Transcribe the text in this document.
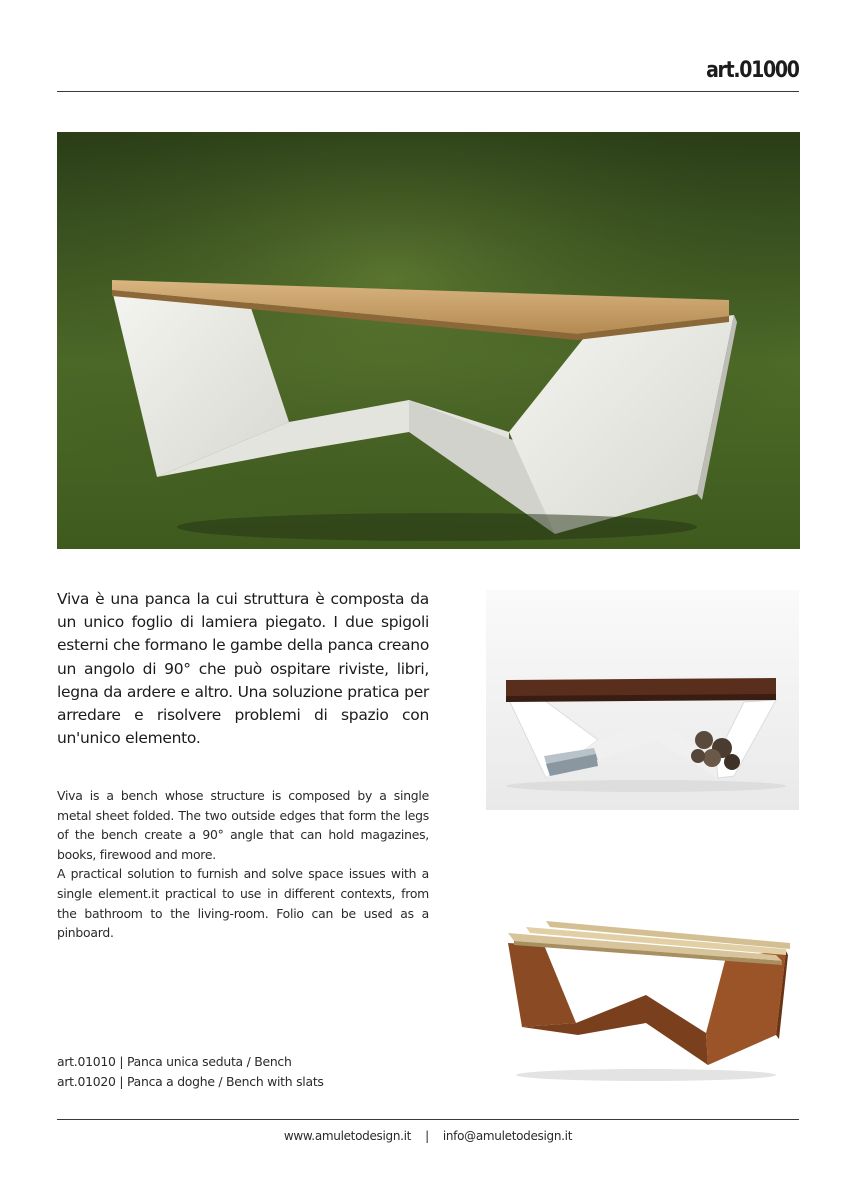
art.01000
Viva è una panca la cui struttura è composta da un unico foglio di lamiera piegato. I due spigoli esterni che formano le gambe della panca creano un angolo di 90° che può ospitare riviste, libri, legna da ardere e altro. Una soluzione pratica per arredare e risolvere problemi di spazio con un'unico elemento.

Viva is a bench whose structure is composed by a single metal sheet folded. The two outside edges that form the legs of the bench create a 90° angle that can hold magazines, books, firewood and more.

A practical solution to furnish and solve space issues with a single element.it practical to use in different contexts, from the bathroom to the living-room. Folio can be used as a pinboard.

art.01010 | Panca unica seduta / Bench
art.01020 | Panca a doghe / Bench with slats
www.amuletodesign.it | info@amuletodesign.it
